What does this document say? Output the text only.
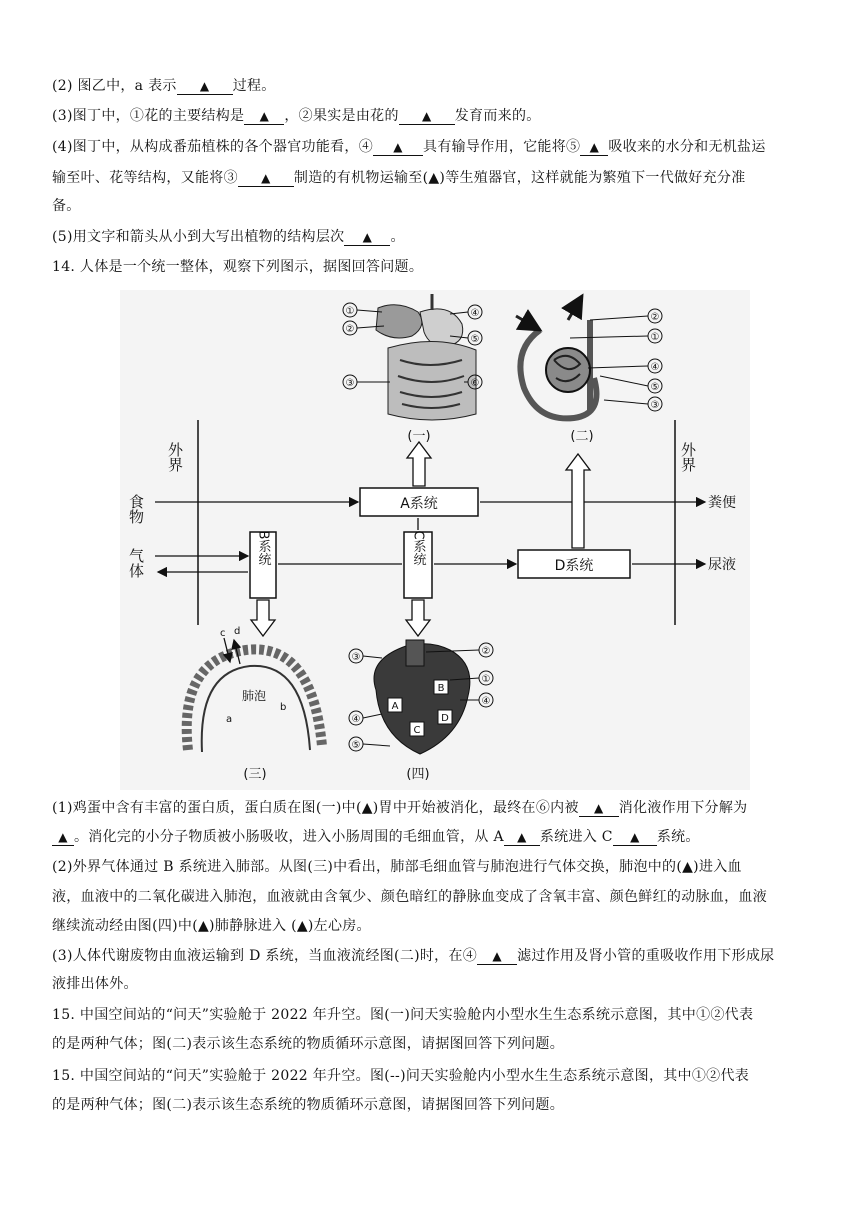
(2) 图乙中，a 表示 ▲ 过程。
(3)图丁中，①花的主要结构是 ▲ ，②果实是由花的 ▲ 发育而来的。
(4)图丁中，从构成番茄植株的各个器官功能看，④ ▲ 具有输导作用，它能将⑤ ▲ 吸收来的水分和无机盐运
输至叶、花等结构，又能将③ ▲ 制造的有机物运输至(▲)等生殖器官，这样就能为繁殖下一代做好充分准
备。
(5)用文字和箭头从小到大写出植物的结构层次 ▲ 。
14. 人体是一个统一整体，观察下列图示，据图回答问题。
外界	外界
食物
气体
A系统	粪便
B系统	C系统
D系统	尿液
①
②
③
④
⑤
⑥
(一)
②
①
④
⑤
③
(二)
肺泡
c d
a
b
(三)
A
B
C
D
③
④
⑤
②
①
④
(四)
(1)鸡蛋中含有丰富的蛋白质，蛋白质在图(一)中(▲)胃中开始被消化，最终在⑥内被 ▲ 消化液作用下分解为
▲ 。消化完的小分子物质被小肠吸收，进入小肠周围的毛细血管，从 A ▲ 系统进入 C ▲ 系统。
(2)外界气体通过 B 系统进入肺部。从图(三)中看出，肺部毛细血管与肺泡进行气体交换，肺泡中的(▲)进入血
液，血液中的二氧化碳进入肺泡，血液就由含氧少、颜色暗红的静脉血变成了含氧丰富、颜色鲜红的动脉血，血液
继续流动经由图(四)中(▲)肺静脉进入 (▲)左心房。
(3)人体代谢废物由血液运输到 D 系统，当血液流经图(二)时，在④ ▲ 滤过作用及肾小管的重吸收作用下形成尿
液排出体外。
15. 中国空间站的“问天”实验舱于 2022 年升空。图(一)问天实验舱内小型水生生态系统示意图，其中①②代表
的是两种气体；图(二)表示该生态系统的物质循环示意图，请据图回答下列问题。
15. 中国空间站的“问天”实验舱于 2022 年升空。图(--)问天实验舱内小型水生生态系统示意图，其中①②代表
的是两种气体；图(二)表示该生态系统的物质循环示意图，请据图回答下列问题。
